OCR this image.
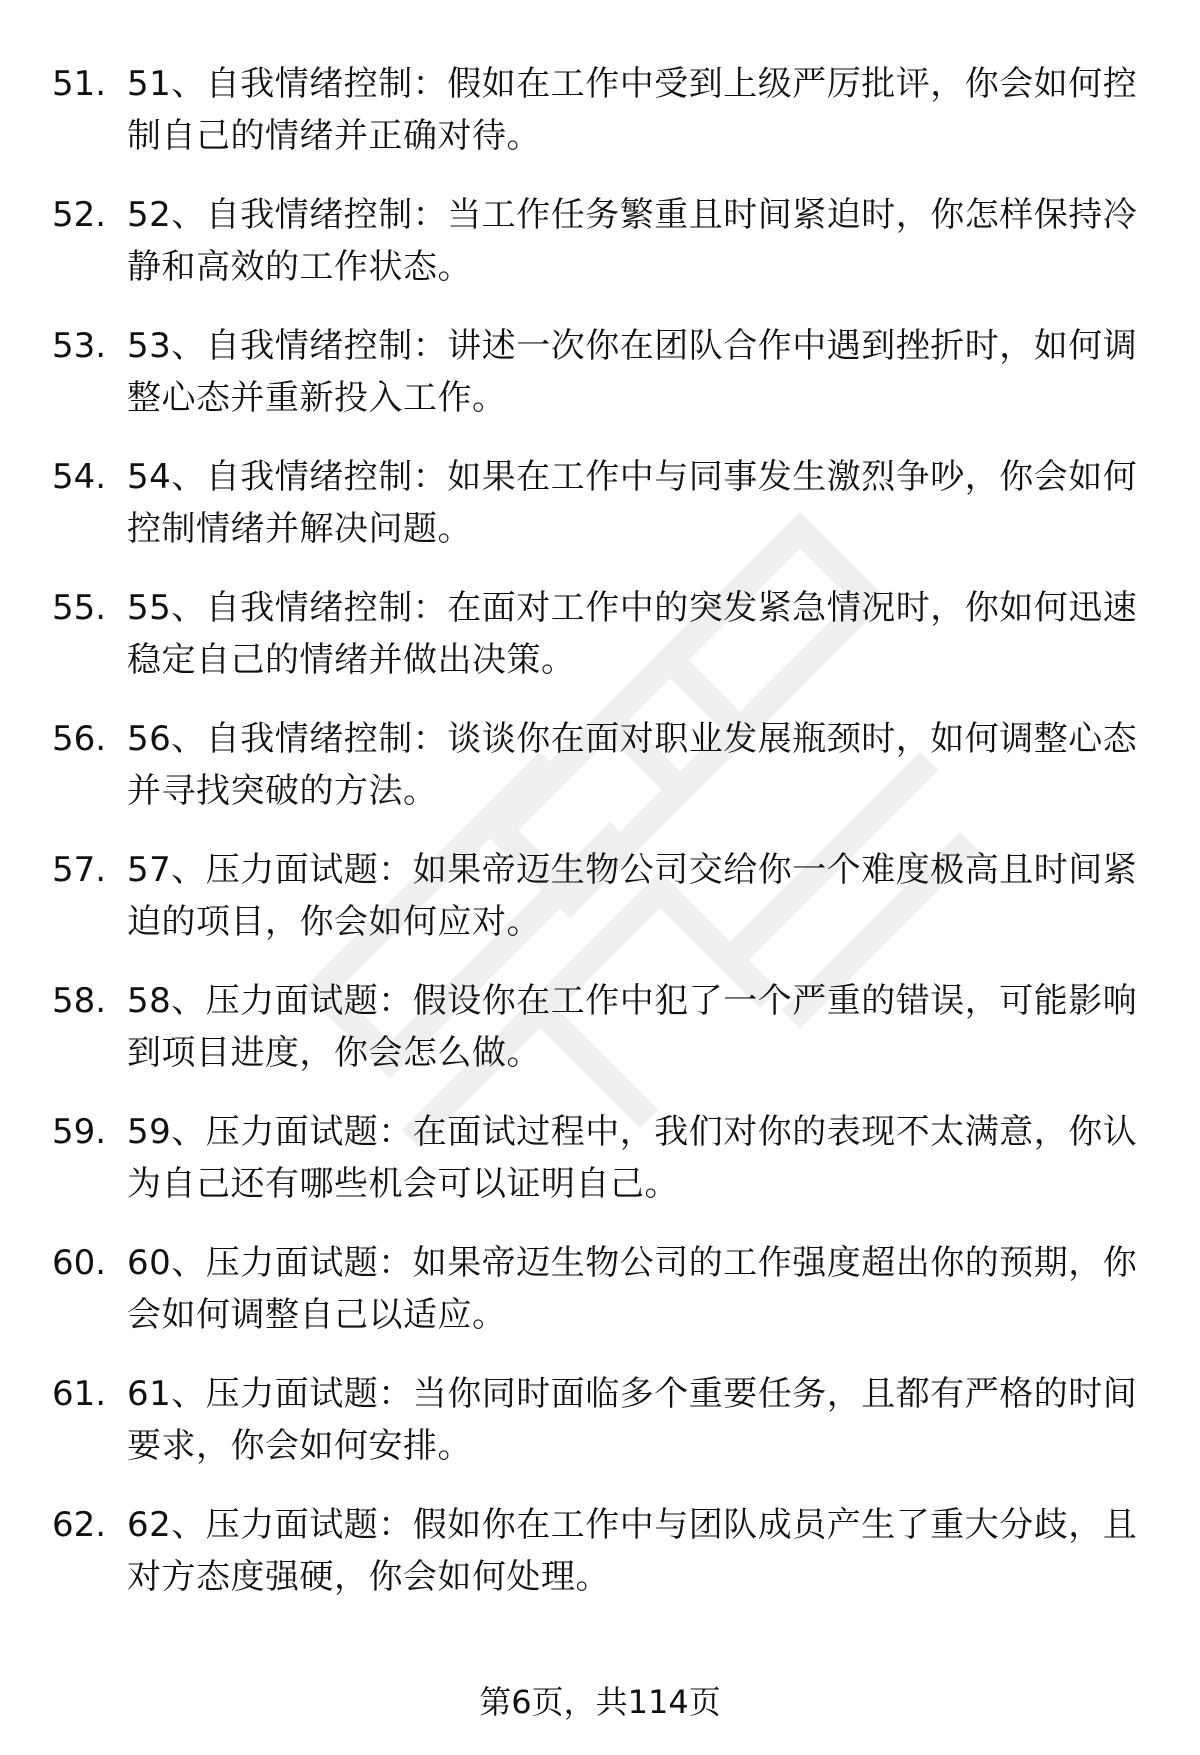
51. 51、自我情绪控制：假如在工作中受到上级严厉批评，你会如何控制自己的情绪并正确对待。
52. 52、自我情绪控制：当工作任务繁重且时间紧迫时，你怎样保持冷静和高效的工作状态。
53. 53、自我情绪控制：讲述一次你在团队合作中遇到挫折时，如何调整心态并重新投入工作。
54. 54、自我情绪控制：如果在工作中与同事发生激烈争吵，你会如何控制情绪并解决问题。
55. 55、自我情绪控制：在面对工作中的突发紧急情况时，你如何迅速稳定自己的情绪并做出决策。
56. 56、自我情绪控制：谈谈你在面对职业发展瓶颈时，如何调整心态并寻找突破的方法。
57. 57、压力面试题：如果帝迈生物公司交给你一个难度极高且时间紧迫的项目，你会如何应对。
58. 58、压力面试题：假设你在工作中犯了一个严重的错误，可能影响到项目进度，你会怎么做。
59. 59、压力面试题：在面试过程中，我们对你的表现不太满意，你认为自己还有哪些机会可以证明自己。
60. 60、压力面试题：如果帝迈生物公司的工作强度超出你的预期，你会如何调整自己以适应。
61. 61、压力面试题：当你同时面临多个重要任务，且都有严格的时间要求，你会如何安排。
62. 62、压力面试题：假如你在工作中与团队成员产生了重大分歧，且对方态度强硬，你会如何处理。
第6页，共114页
